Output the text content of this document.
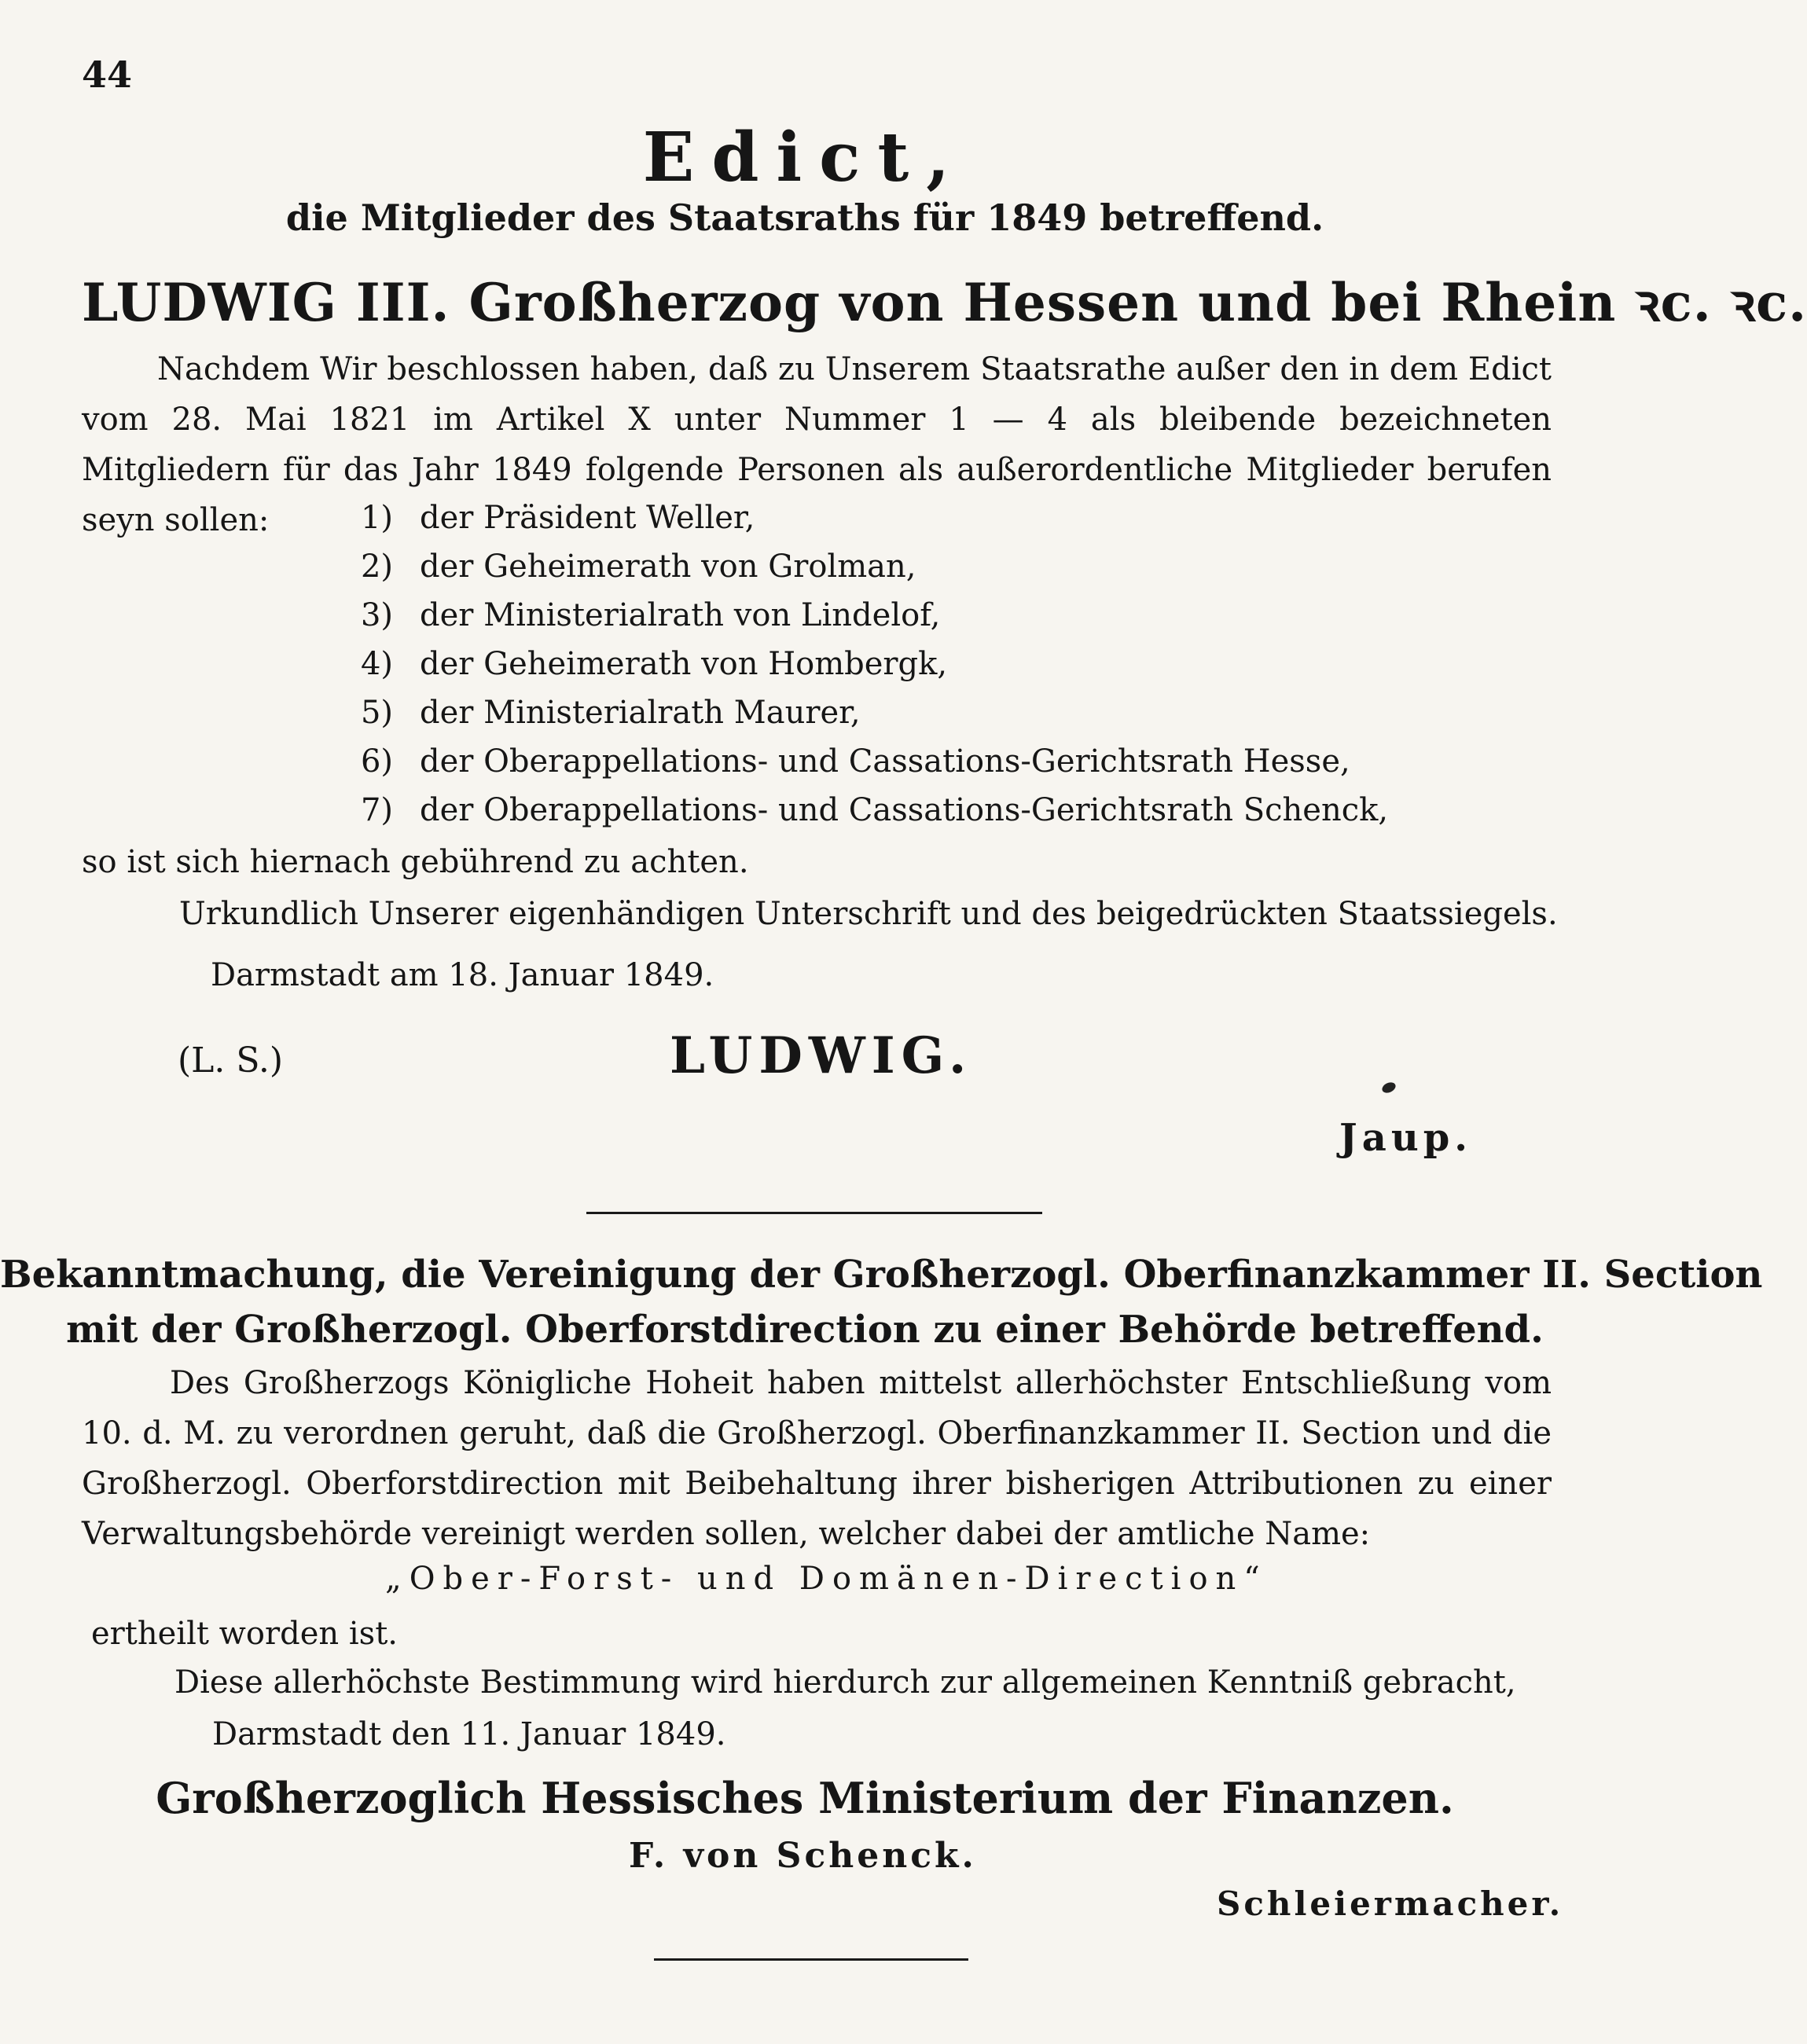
44
Edict,
die Mitglieder des Staatsraths für 1849 betreffend.
LUDWIG III. Großherzog von Hessen und bei Rhein ꝛc. ꝛc.
Nachdem Wir beschlossen haben, daß zu Unserem Staatsrathe außer den in dem Edict vom 28. Mai 1821 im Artikel X unter Nummer 1 — 4 als bleibende bezeichneten Mitgliedern für das Jahr 1849 folgende Personen als außerordentliche Mitglieder berufen seyn sollen:	1) der Präsident Weller,
2) der Geheimerath von Grolman,
3) der Ministerialrath von Lindelof,
4) der Geheimerath von Hombergk,
5) der Ministerialrath Maurer,
6) der Oberappellations- und Cassations-Gerichtsrath Hesse,
7) der Oberappellations- und Cassations-Gerichtsrath Schenck,
so ist sich hiernach gebührend zu achten.
Urkundlich Unserer eigenhändigen Unterschrift und des beigedrückten Staatssiegels.
Darmstadt am 18. Januar 1849.
(L. S.)	LUDWIG.
Jaup.
Bekanntmachung, die Vereinigung der Großherzogl. Oberfinanzkammer II. Section
mit der Großherzogl. Oberforstdirection zu einer Behörde betreffend.
Des Großherzogs Königliche Hoheit haben mittelst allerhöchster Entschließung vom 10. d. M. zu verordnen geruht, daß die Großherzogl. Oberfinanzkammer II. Section und die Großherzogl. Oberforstdirection mit Beibehaltung ihrer bisherigen Attributionen zu einer Verwaltungsbehörde vereinigt werden sollen, welcher dabei der amtliche Name:
„Ober-Forst- und Domänen-Direction“
ertheilt worden ist.
Diese allerhöchste Bestimmung wird hierdurch zur allgemeinen Kenntniß gebracht,
Darmstadt den 11. Januar 1849.
Großherzoglich Hessisches Ministerium der Finanzen.
F. von Schenck.
Schleiermacher.
